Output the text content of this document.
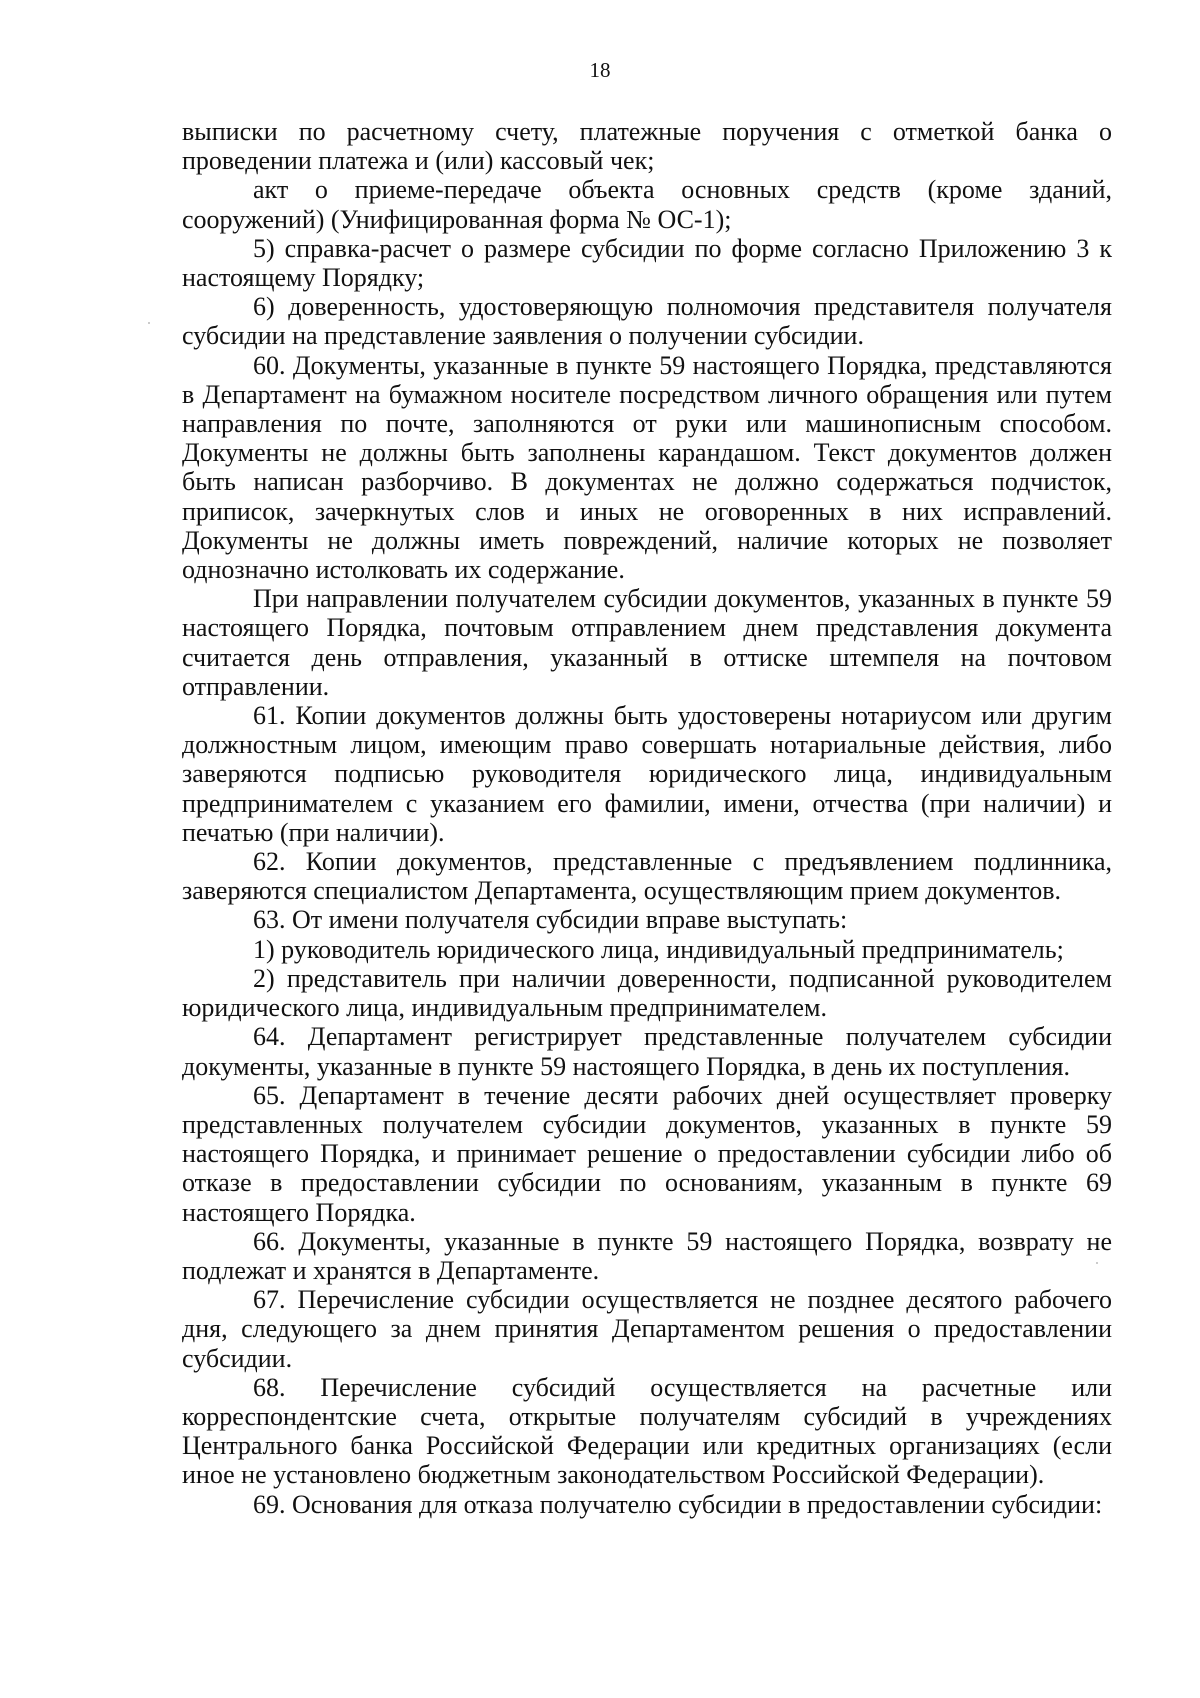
18

выписки по расчетному счету, платежные поручения с отметкой банка о проведении платежа и (или) кассовый чек;

акт о приеме-передаче объекта основных средств (кроме зданий, сооружений) (Унифицированная форма № ОС-1);

5) справка-расчет о размере субсидии по форме согласно Приложению 3 к настоящему Порядку;

6) доверенность, удостоверяющую полномочия представителя получателя субсидии на представление заявления о получении субсидии.

60. Документы, указанные в пункте 59 настоящего Порядка, представляются в Департамент на бумажном носителе посредством личного обращения или путем направления по почте, заполняются от руки или машинописным способом. Документы не должны быть заполнены карандашом. Текст документов должен быть написан разборчиво. В документах не должно содержаться подчисток, приписок, зачеркнутых слов и иных не оговоренных в них исправлений. Документы не должны иметь повреждений, наличие которых не позволяет однозначно истолковать их содержание.

При направлении получателем субсидии документов, указанных в пункте 59 настоящего Порядка, почтовым отправлением днем представления документа считается день отправления, указанный в оттиске штемпеля на почтовом отправлении.

61. Копии документов должны быть удостоверены нотариусом или другим должностным лицом, имеющим право совершать нотариальные действия, либо заверяются подписью руководителя юридического лица, индивидуальным предпринимателем с указанием его фамилии, имени, отчества (при наличии) и печатью (при наличии).

62. Копии документов, представленные с предъявлением подлинника, заверяются специалистом Департамента, осуществляющим прием документов.

63. От имени получателя субсидии вправе выступать:

1) руководитель юридического лица, индивидуальный предприниматель;

2) представитель при наличии доверенности, подписанной руководителем юридического лица, индивидуальным предпринимателем.

64. Департамент регистрирует представленные получателем субсидии документы, указанные в пункте 59 настоящего Порядка, в день их поступления.

65. Департамент в течение десяти рабочих дней осуществляет проверку представленных получателем субсидии документов, указанных в пункте 59 настоящего Порядка, и принимает решение о предоставлении субсидии либо об отказе в предоставлении субсидии по основаниям, указанным в пункте 69 настоящего Порядка.

66. Документы, указанные в пункте 59 настоящего Порядка, возврату не подлежат и хранятся в Департаменте.

67. Перечисление субсидии осуществляется не позднее десятого рабочего дня, следующего за днем принятия Департаментом решения о предоставлении субсидии.

68. Перечисление субсидий осуществляется на расчетные или корреспондентские счета, открытые получателям субсидий в учреждениях Центрального банка Российской Федерации или кредитных организациях (если иное не установлено бюджетным законодательством Российской Федерации).

69. Основания для отказа получателю субсидии в предоставлении субсидии:
